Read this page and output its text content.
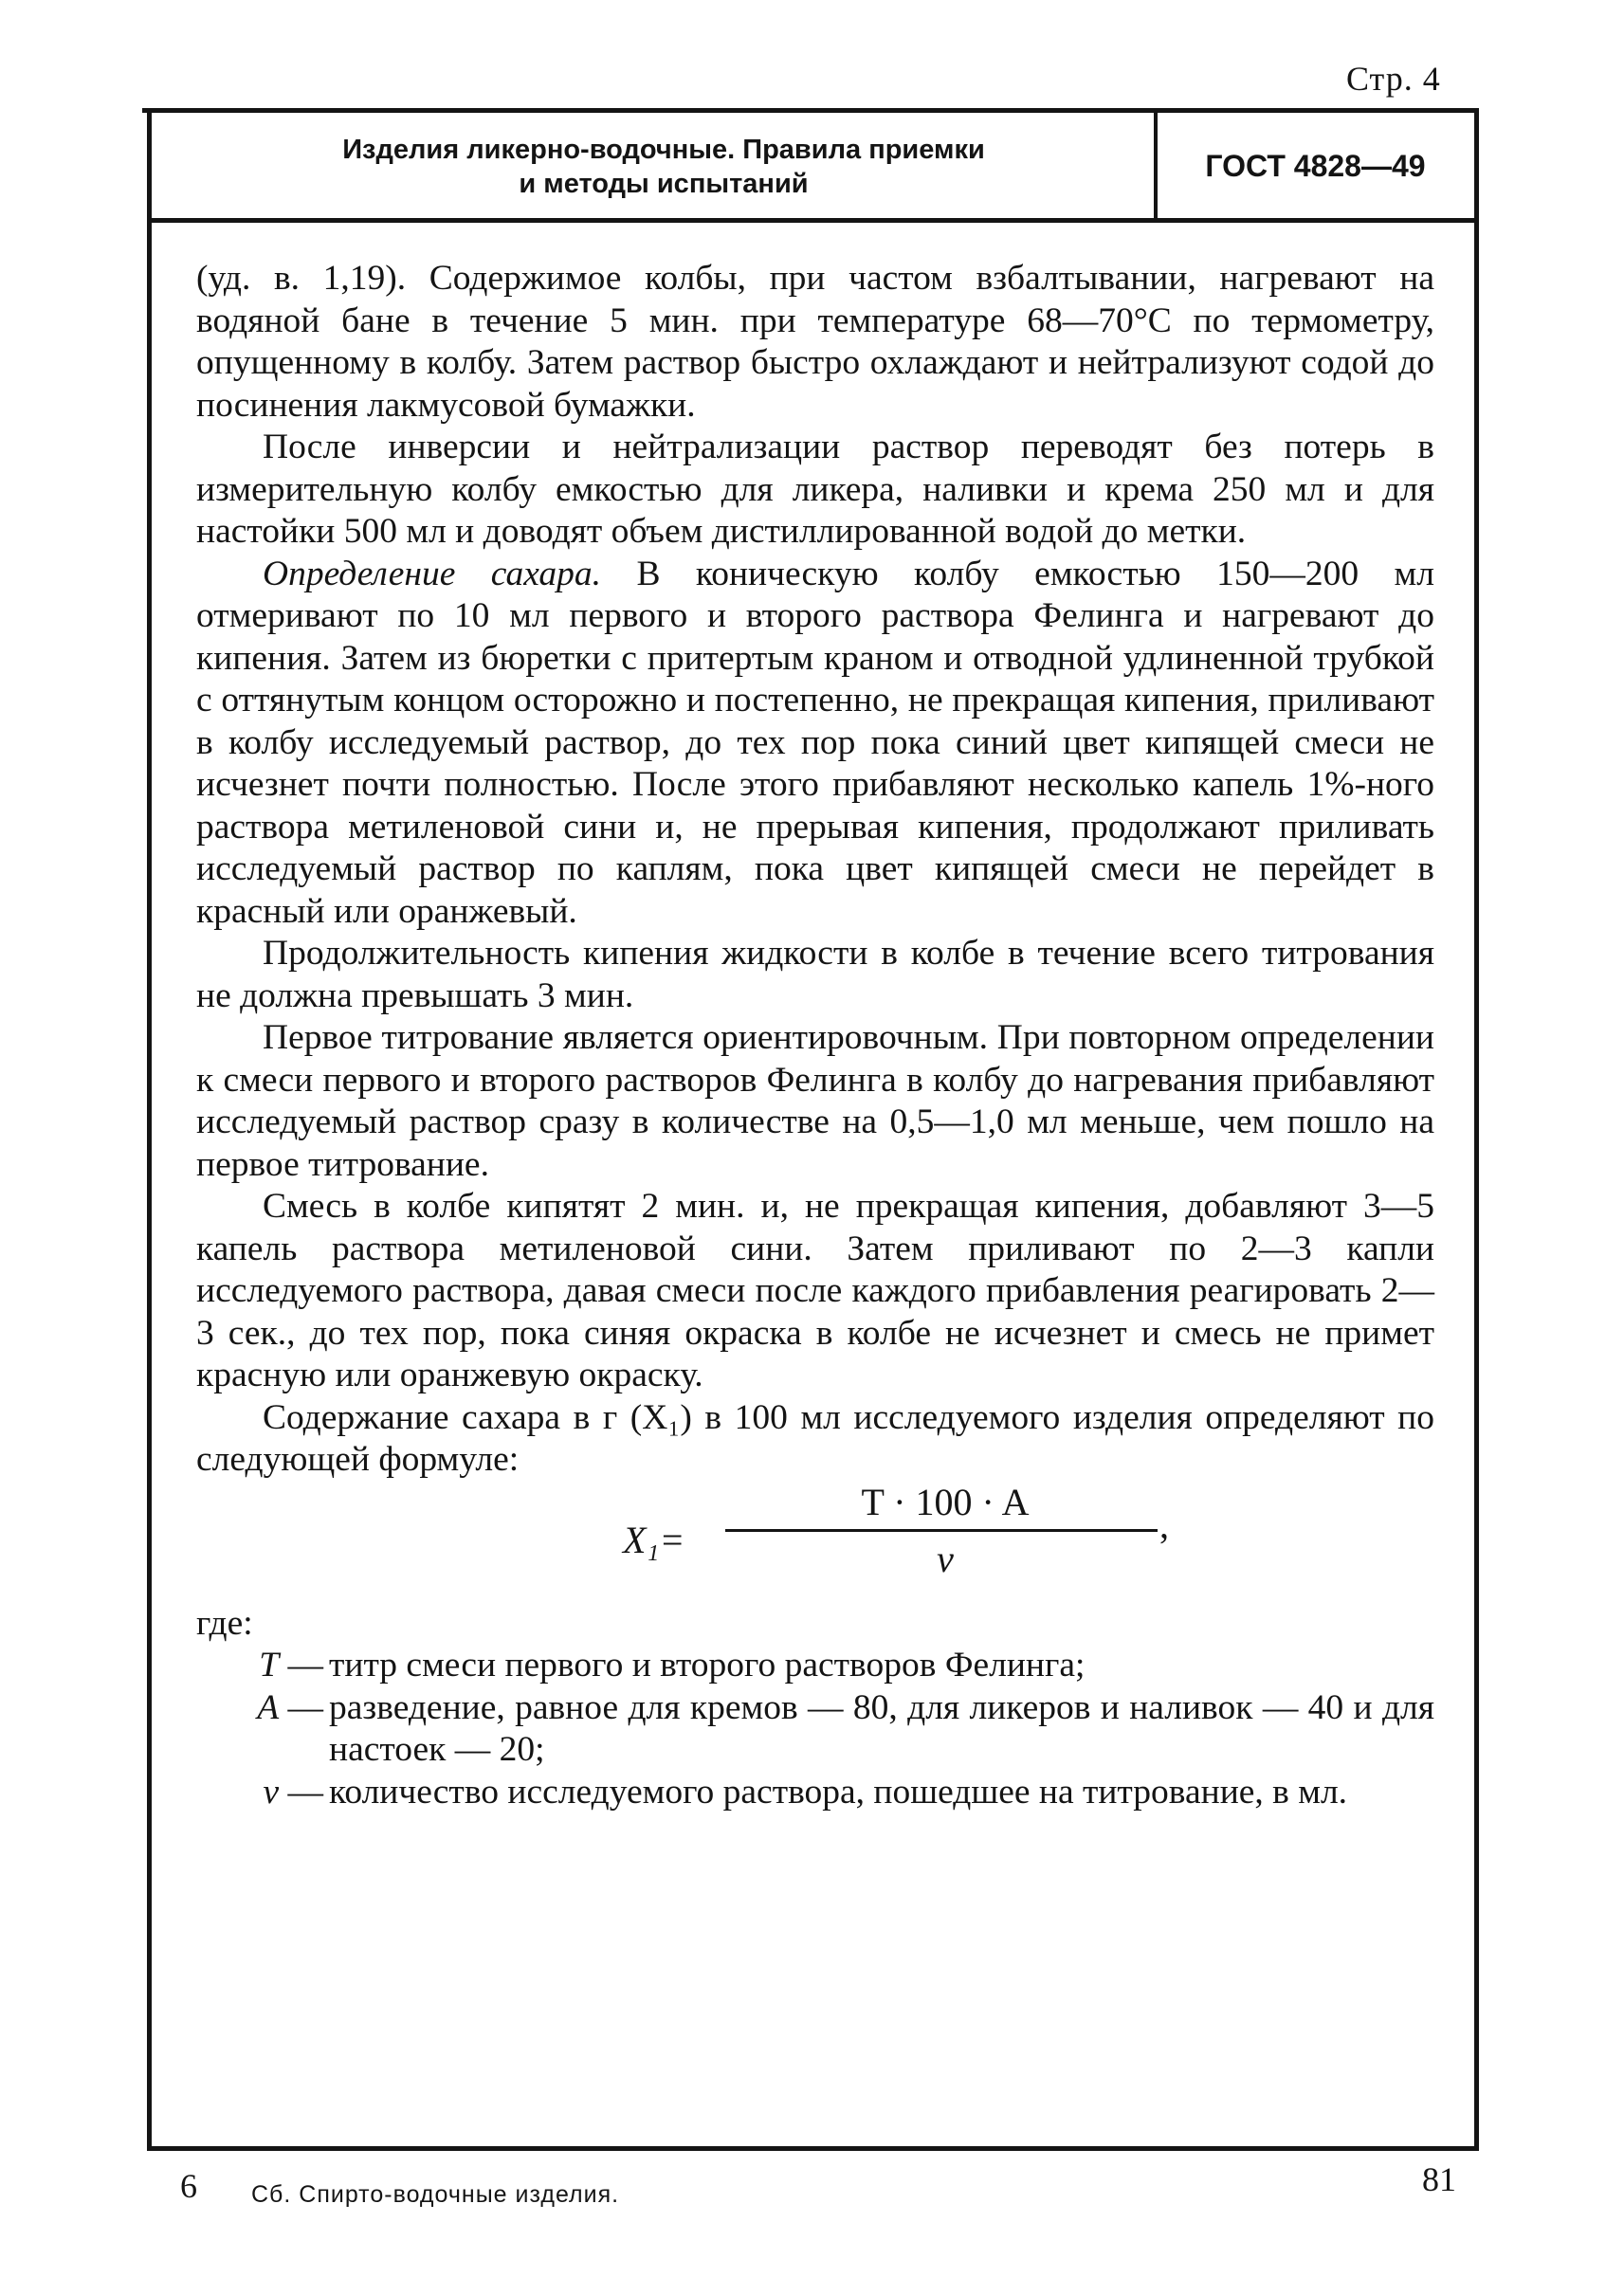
Стр. 4
Изделия ликерно-водочные. Правила приемки
и методы испытаний
ГОСТ 4828—49

(уд. в. 1,19). Содержимое колбы, при частом взбалтывании, нагревают на водяной бане в течение 5 мин. при температуре 68—70°С по термометру, опущенному в колбу. Затем раствор быстро охлаждают и нейтрализуют содой до посинения лакмусовой бумажки.

После инверсии и нейтрализации раствор переводят без потерь в измерительную колбу емкостью для ликера, наливки и крема 250 мл и для настойки 500 мл и доводят объем дистиллированной водой до метки.

Определение сахара. В коническую колбу емкостью 150—200 мл отмеривают по 10 мл первого и второго раствора Фелинга и нагревают до кипения. Затем из бюретки с притертым краном и отводной удлиненной трубкой с оттянутым концом осторожно и постепенно, не прекращая кипения, приливают в колбу исследуемый раствор, до тех пор пока синий цвет кипящей смеси не исчезнет почти полностью. После этого прибавляют несколько капель 1%-ного раствора метиленовой сини и, не прерывая кипения, продолжают приливать исследуемый раствор по каплям, пока цвет кипящей смеси не перейдет в красный или оранжевый.

Продолжительность кипения жидкости в колбе в течение всего титрования не должна превышать 3 мин.

Первое титрование является ориентировочным. При повторном определении к смеси первого и второго растворов Фелинга в колбу до нагревания прибавляют исследуемый раствор сразу в количестве на 0,5—1,0 мл меньше, чем пошло на первое титрование.

Смесь в колбе кипятят 2 мин. и, не прекращая кипения, добавляют 3—5 капель раствора метиленовой сини. Затем приливают по 2—3 капли исследуемого раствора, давая смеси после каждого прибавления реагировать 2—3 сек., до тех пор, пока синяя окраска в колбе не исчезнет и смесь не примет красную или оранжевую окраску.

Содержание сахара в г (X₁) в 100 мл исследуемого изделия определяют по следующей формуле:

X₁=
T · 100 · A
v
,

где:

T — титр смеси первого и второго растворов Фелинга;
A — разведение, равное для кремов — 80, для ликеров и наливок — 40 и для настоек — 20;
v — количество исследуемого раствора, пошедшее на титрование, в мл.
6 Сб. Спирто-водочные изделия.	81
